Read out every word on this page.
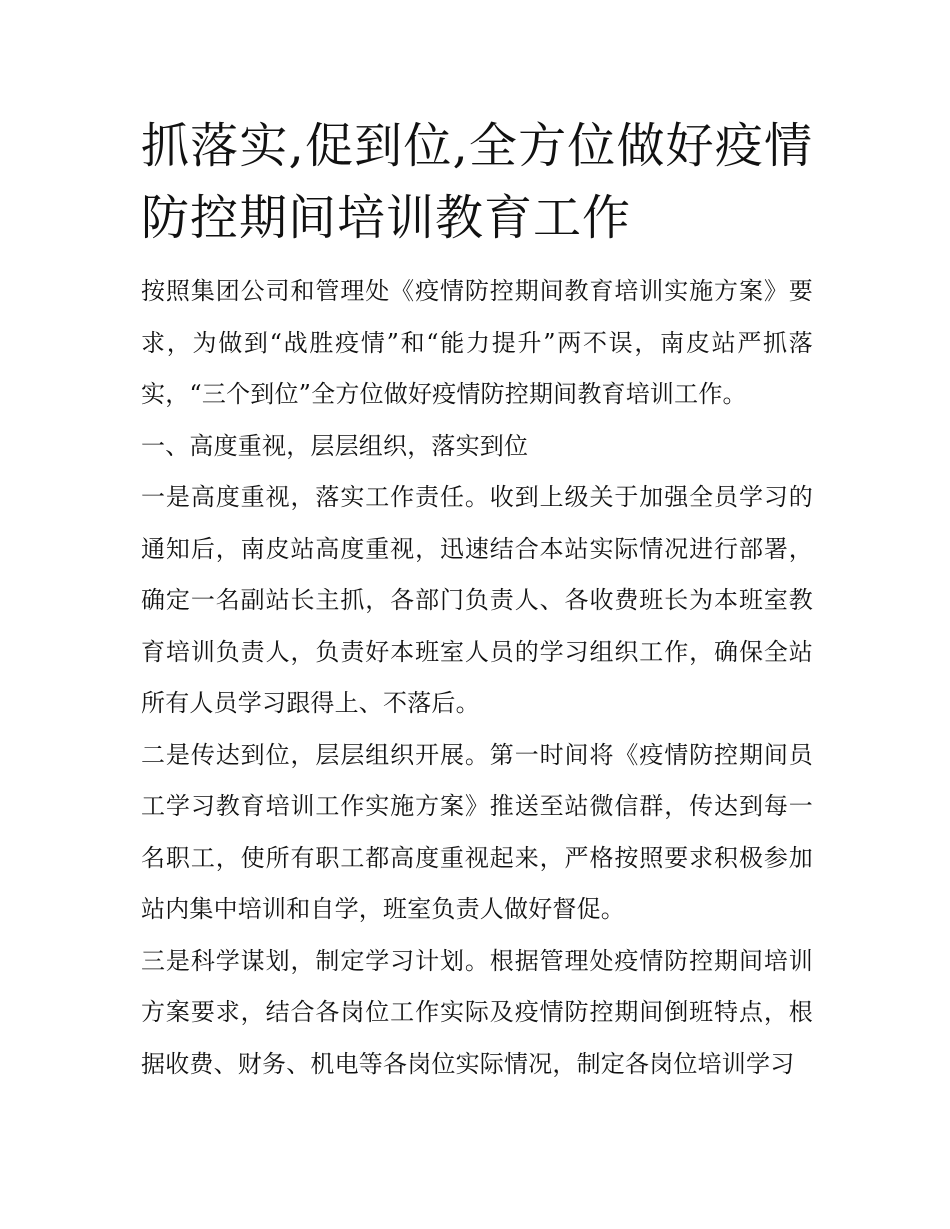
抓落实,促到位,全方位做好疫情防控期间培训教育工作

按照集团公司和管理处《疫情防控期间教育培训实施方案》要求，为做到“战胜疫情”和“能力提升”两不误，南皮站严抓落实，“三个到位”全方位做好疫情防控期间教育培训工作。

一、高度重视，层层组织，落实到位

一是高度重视，落实工作责任。收到上级关于加强全员学习的通知后，南皮站高度重视，迅速结合本站实际情况进行部署，确定一名副站长主抓，各部门负责人、各收费班长为本班室教育培训负责人，负责好本班室人员的学习组织工作，确保全站所有人员学习跟得上、不落后。

二是传达到位，层层组织开展。第一时间将《疫情防控期间员工学习教育培训工作实施方案》推送至站微信群，传达到每一名职工，使所有职工都高度重视起来，严格按照要求积极参加站内集中培训和自学，班室负责人做好督促。

三是科学谋划，制定学习计划。根据管理处疫情防控期间培训方案要求，结合各岗位工作实际及疫情防控期间倒班特点，根据收费、财务、机电等各岗位实际情况，制定各岗位培训学习
